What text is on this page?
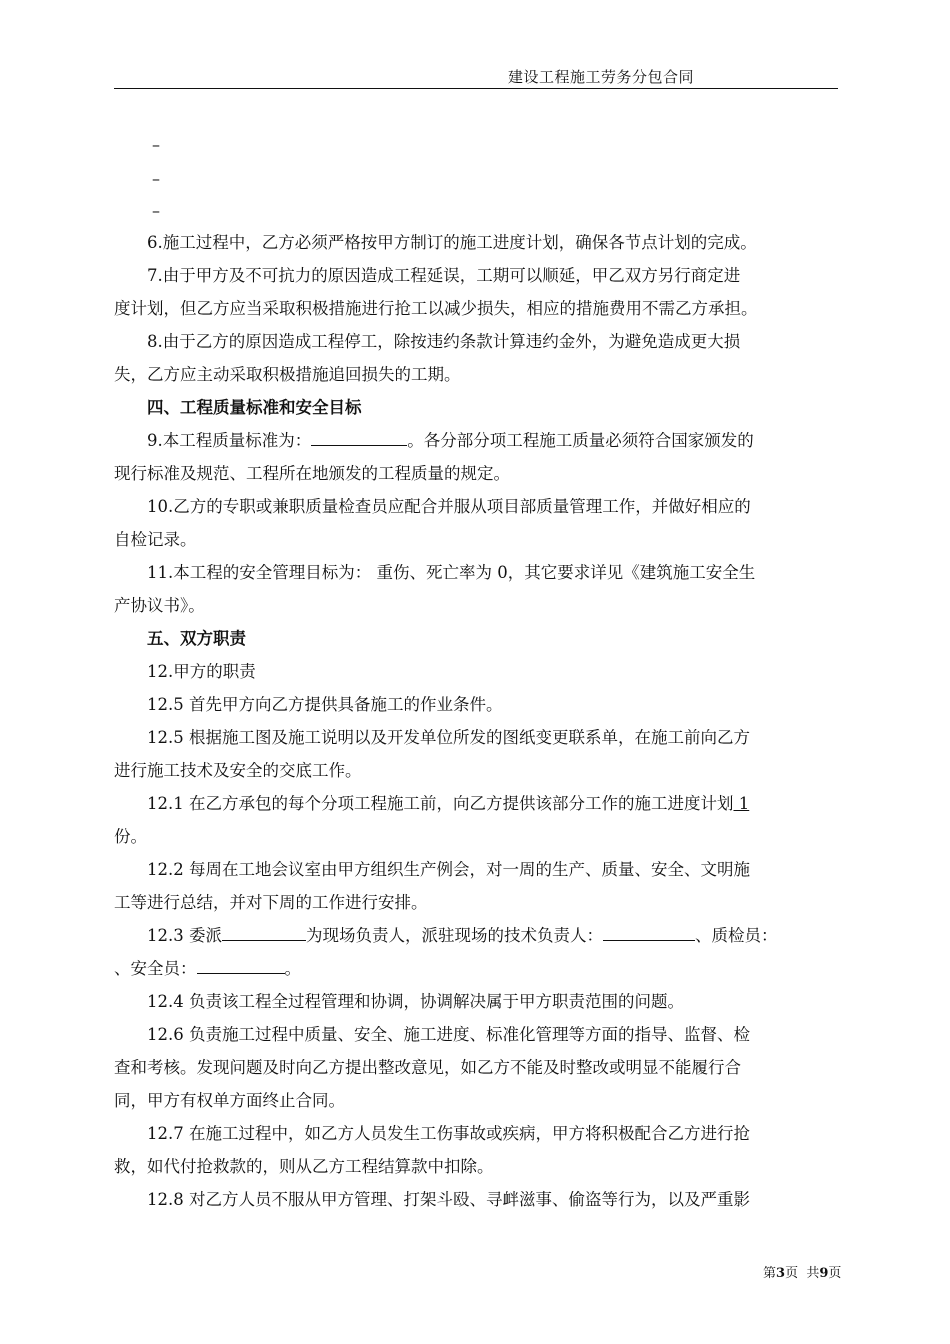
建设工程施工劳务分包合同
–
–
–
6.施工过程中，乙方必须严格按甲方制订的施工进度计划，确保各节点计划的完成。
7.由于甲方及不可抗力的原因造成工程延误，工期可以顺延，甲乙双方另行商定进
度计划，但乙方应当采取积极措施进行抢工以减少损失，相应的措施费用不需乙方承担。
8.由于乙方的原因造成工程停工，除按违约条款计算违约金外，为避免造成更大损
失，乙方应主动采取积极措施追回损失的工期。
四、工程质量标准和安全目标
9.本工程质量标准为：	。各分部分项工程施工质量必须符合国家颁发的
现行标准及规范、工程所在地颁发的工程质量的规定。
10.乙方的专职或兼职质量检查员应配合并服从项目部质量管理工作，并做好相应的
自检记录。
11.本工程的安全管理目标为： 重伤、死亡率为 0，其它要求详见《建筑施工安全生
产协议书》。
五、双方职责
12.甲方的职责
12.5 首先甲方向乙方提供具备施工的作业条件。
12.5 根据施工图及施工说明以及开发单位所发的图纸变更联系单，在施工前向乙方
进行施工技术及安全的交底工作。
12.1 在乙方承包的每个分项工程施工前，向乙方提供该部分工作的施工进度计划 1
份。
12.2 每周在工地会议室由甲方组织生产例会，对一周的生产、质量、安全、文明施
工等进行总结，并对下周的工作进行安排。
12.3 委派	为现场负责人，派驻现场的技术负责人：	、质检员：
、安全员：	。
12.4 负责该工程全过程管理和协调，协调解决属于甲方职责范围的问题。
12.6 负责施工过程中质量、安全、施工进度、标准化管理等方面的指导、监督、检
查和考核。发现问题及时向乙方提出整改意见，如乙方不能及时整改或明显不能履行合
同，甲方有权单方面终止合同。
12.7 在施工过程中，如乙方人员发生工伤事故或疾病，甲方将积极配合乙方进行抢
救，如代付抢救款的，则从乙方工程结算款中扣除。
12.8 对乙方人员不服从甲方管理、打架斗殴、寻衅滋事、偷盗等行为，以及严重影
第3页  共9页
